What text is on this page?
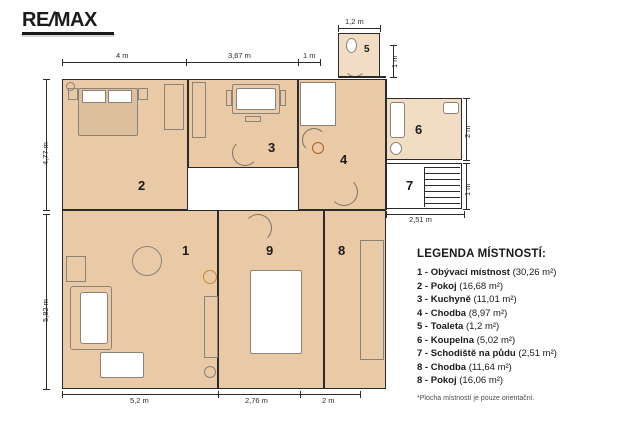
RE/MAX	1,2 m
4 m	3,67 m	1 m	1 m
2 m
1 m
2,51 m
4,77 m
5,82 m
5,2 m	2,76 m	2 m
5
6
7
2
3
4
1	9	8	LEGENDA MÍSTNOSTÍ:
1 - Obývací místnost (30,26 m²)
2 - Pokoj (16,68 m²)
3 - Kuchyně (11,01 m²)
4 - Chodba (8,97 m²)
5 - Toaleta (1,2 m²)
6 - Koupelna (5,02 m²)
7 - Schodiště na půdu (2,51 m²)
8 - Chodba (11,64 m²)
8 - Pokoj (16,06 m²)
*Plocha místností je pouze orientační.
